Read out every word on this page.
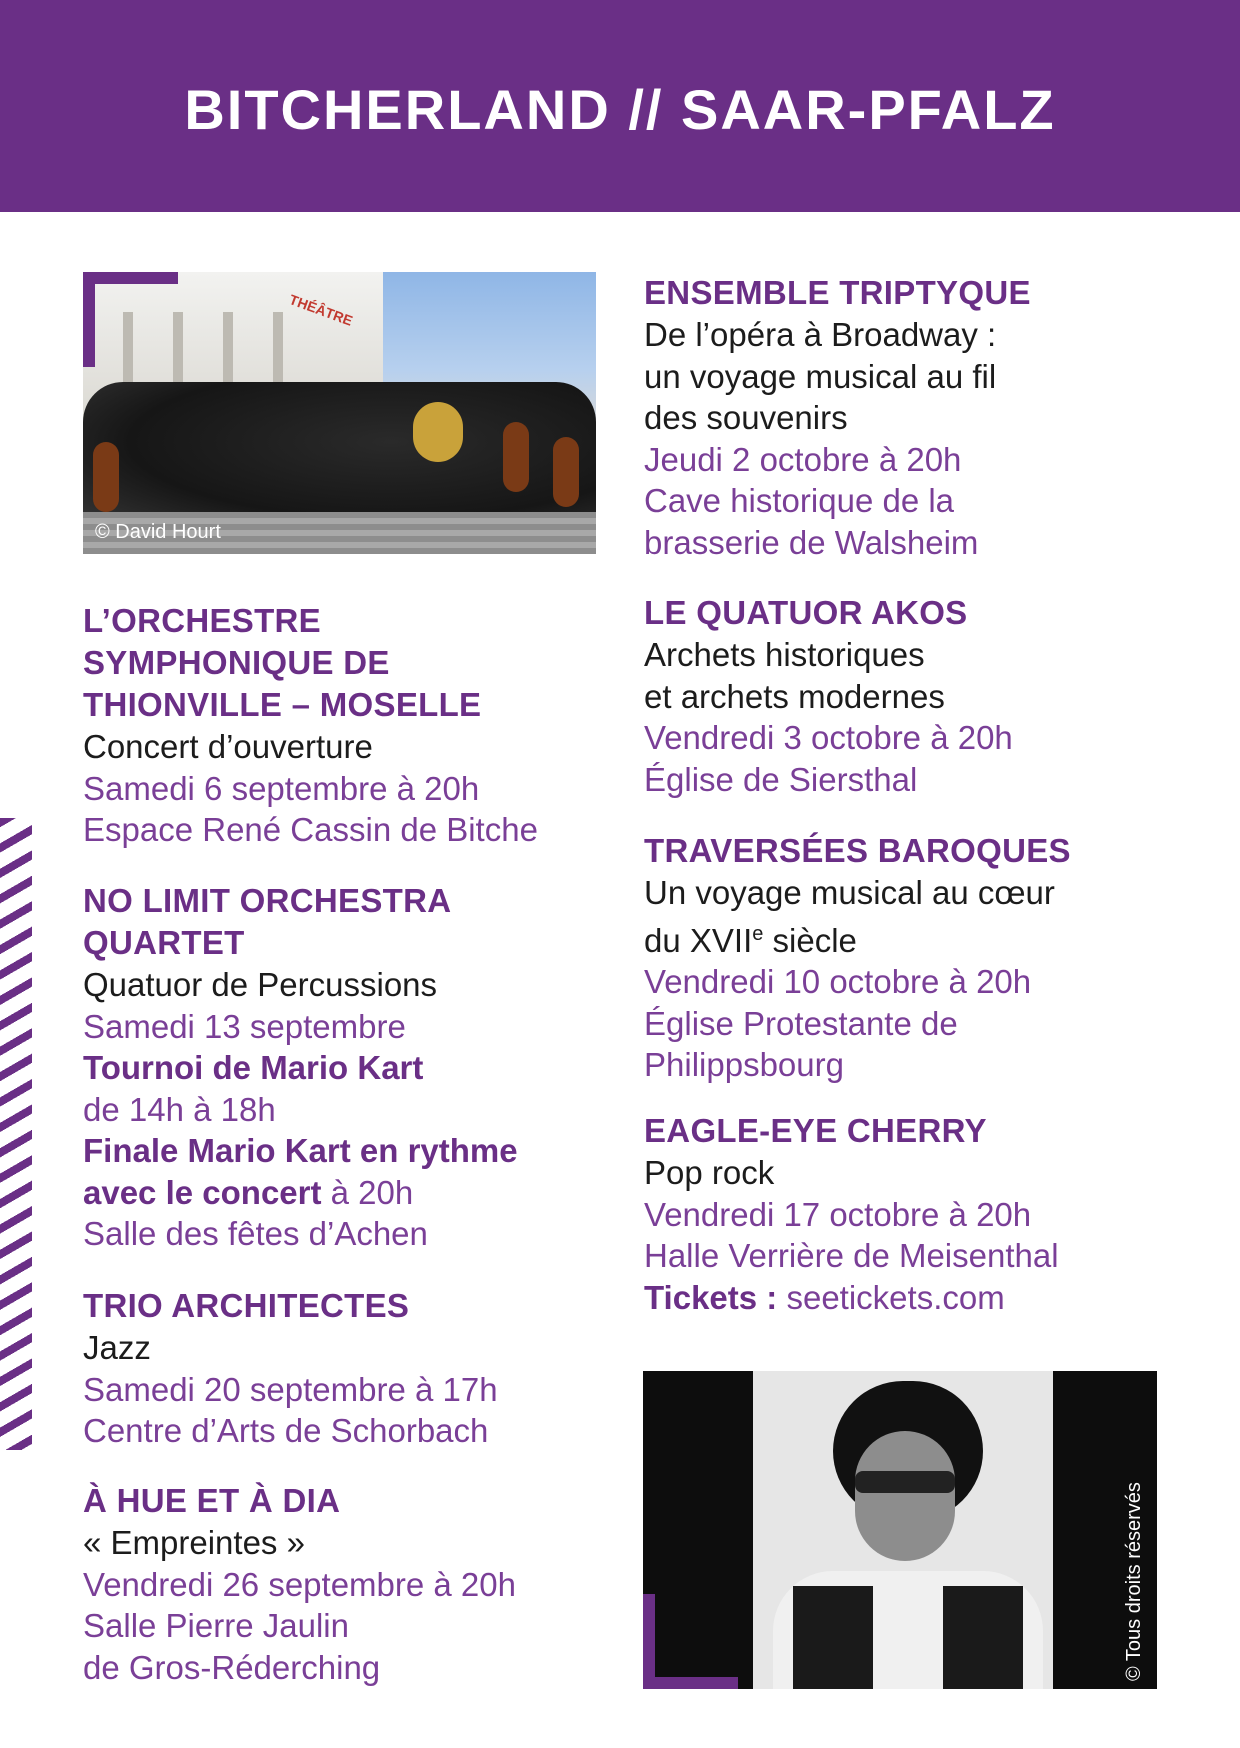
BITCHERLAND // SAAR-PFALZ
THÉÂTRE
© David Hourt

L’ORCHESTRE

SYMPHONIQUE DE

THIONVILLE – MOSELLE

Concert d’ouverture

Samedi 6 septembre à 20h

Espace René Cassin de Bitche

NO LIMIT ORCHESTRA

QUARTET

Quatuor de Percussions

Samedi 13 septembre

Tournoi de Mario Kart

de 14h à 18h

Finale Mario Kart en rythme

avec le concert à 20h

Salle des fêtes d’Achen

TRIO ARCHITECTES

Jazz

Samedi 20 septembre à 17h

Centre d’Arts de Schorbach

À HUE ET À DIA

« Empreintes »

Vendredi 26 septembre à 20h

Salle Pierre Jaulin

de Gros-Réderching

ENSEMBLE TRIPTYQUE

De l’opéra à Broadway :

un voyage musical au fil

des souvenirs

Jeudi 2 octobre à 20h

Cave historique de la

brasserie de Walsheim

LE QUATUOR AKOS

Archets historiques

et archets modernes

Vendredi 3 octobre à 20h

Église de Siersthal

TRAVERSÉES BAROQUES

Un voyage musical au cœur

du XVIIe siècle

Vendredi 10 octobre à 20h

Église Protestante de

Philippsbourg

EAGLE-EYE CHERRY

Pop rock

Vendredi 17 octobre à 20h

Halle Verrière de Meisenthal

Tickets : seetickets.com

© Tous droits réservés
